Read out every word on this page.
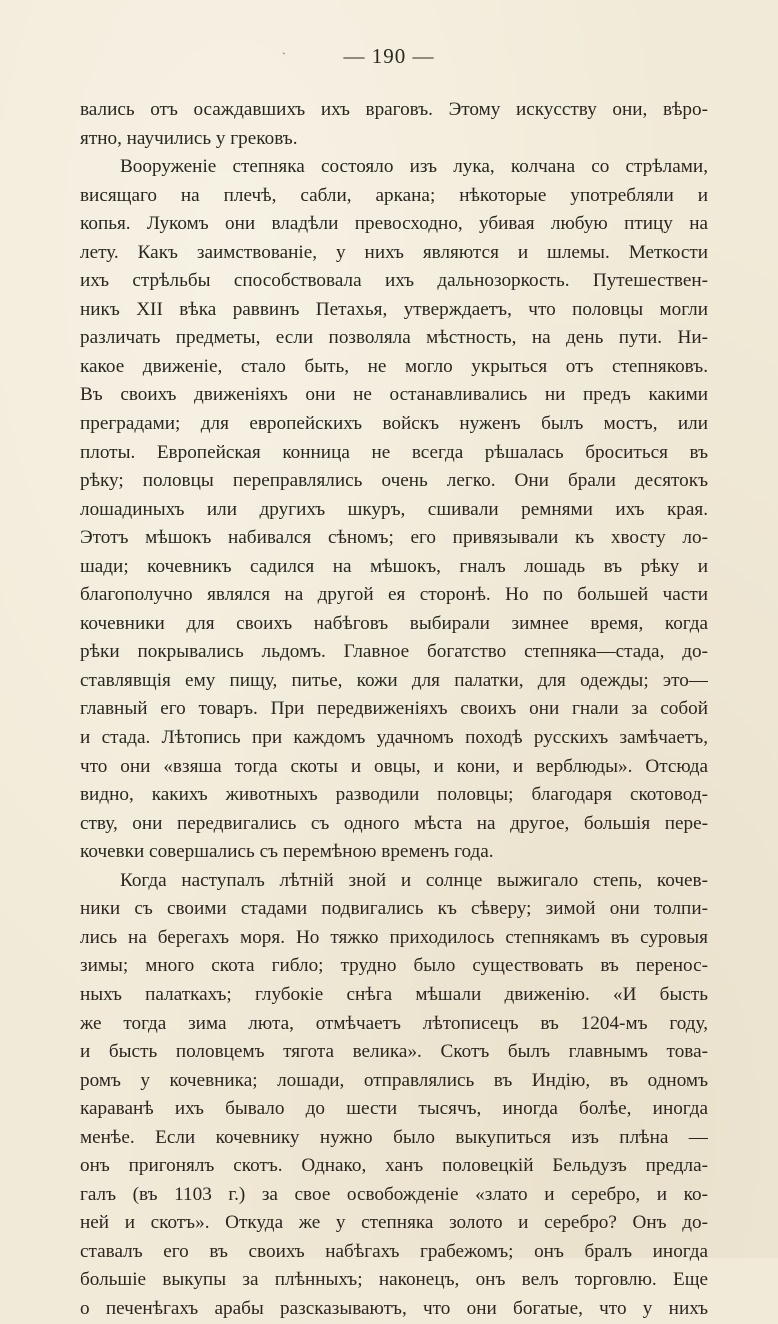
`	— 190 —
вались отъ осаждавшихъ ихъ враговъ. Этому искусству они, вѣро-
ятно, научились у грековъ.
Вооруженіе степняка состояло изъ лука, колчана со стрѣлами,
висящаго на плечѣ, сабли, аркана; нѣкоторые употребляли и
копья. Лукомъ они владѣли превосходно, убивая любую птицу на
лету. Какъ заимствованіе, у нихъ являются и шлемы. Меткости
ихъ стрѣльбы способствовала ихъ дальнозоркость. Путешествен-
никъ XII вѣка раввинъ Петахья, утверждаетъ, что половцы могли
различать предметы, если позволяла мѣстность, на день пути. Ни-
какое движеніе, стало быть, не могло укрыться отъ степняковъ.
Въ своихъ движеніяхъ они не останавливались ни предъ какими
преградами; для европейскихъ войскъ нуженъ былъ мостъ, или
плоты. Европейская конница не всегда рѣшалась броситься въ
рѣку; половцы переправлялись очень легко. Они брали десятокъ
лошадиныхъ или другихъ шкуръ, сшивали ремнями ихъ края.
Этотъ мѣшокъ набивался сѣномъ; его привязывали къ хвосту ло-
шади; кочевникъ садился на мѣшокъ, гналъ лошадь въ рѣку и
благополучно являлся на другой ея сторонѣ. Но по большей части
кочевники для своихъ набѣговъ выбирали зимнее время, когда
рѣки покрывались льдомъ. Главное богатство степняка—стада, до-
ставлявщія ему пищу, питье, кожи для палатки, для одежды; это—
главный его товаръ. При передвиженіяхъ своихъ они гнали за собой
и стада. Лѣтопись при каждомъ удачномъ походѣ русскихъ замѣчаетъ,
что они «взяша тогда скоты и овцы, и кони, и верблюды». Отсюда
видно, какихъ животныхъ разводили половцы; благодаря скотовод-
ству, они передвигались съ одного мѣста на другое, большія пере-
кочевки совершались съ перемѣною временъ года.
Когда наступалъ лѣтній зной и солнце выжигало степь, кочев-
ники съ своими стадами подвигались къ сѣверу; зимой они толпи-
лись на берегахъ моря. Но тяжко приходилось степнякамъ въ суровыя
зимы; много скота гибло; трудно было существовать въ перенос-
ныхъ палаткахъ; глубокіе снѣга мѣшали движенію. «И бысть
же тогда зима люта, отмѣчаетъ лѣтописецъ въ 1204-мъ году,
и бысть половцемъ тягота велика». Скотъ былъ главнымъ това-
ромъ у кочевника; лошади, отправлялись въ Индію, въ одномъ
караванѣ ихъ бывало до шести тысячъ, иногда болѣе, иногда
менѣе. Если кочевнику нужно было выкупиться изъ плѣна —
онъ пригонялъ скотъ. Однако, ханъ половецкій Бельдузъ предла-
галъ (въ 1103 г.) за свое освобожденіе «злато и серебро, и ко-
ней и скотъ». Откуда же у степняка золото и серебро? Онъ до-
ставалъ его въ своихъ набѣгахъ грабежомъ; онъ бралъ иногда
большіе выкупы за плѣнныхъ; наконецъ, онъ велъ торговлю. Еще
о печенѣгахъ арабы разсказываютъ, что они богатые, что у нихъ
